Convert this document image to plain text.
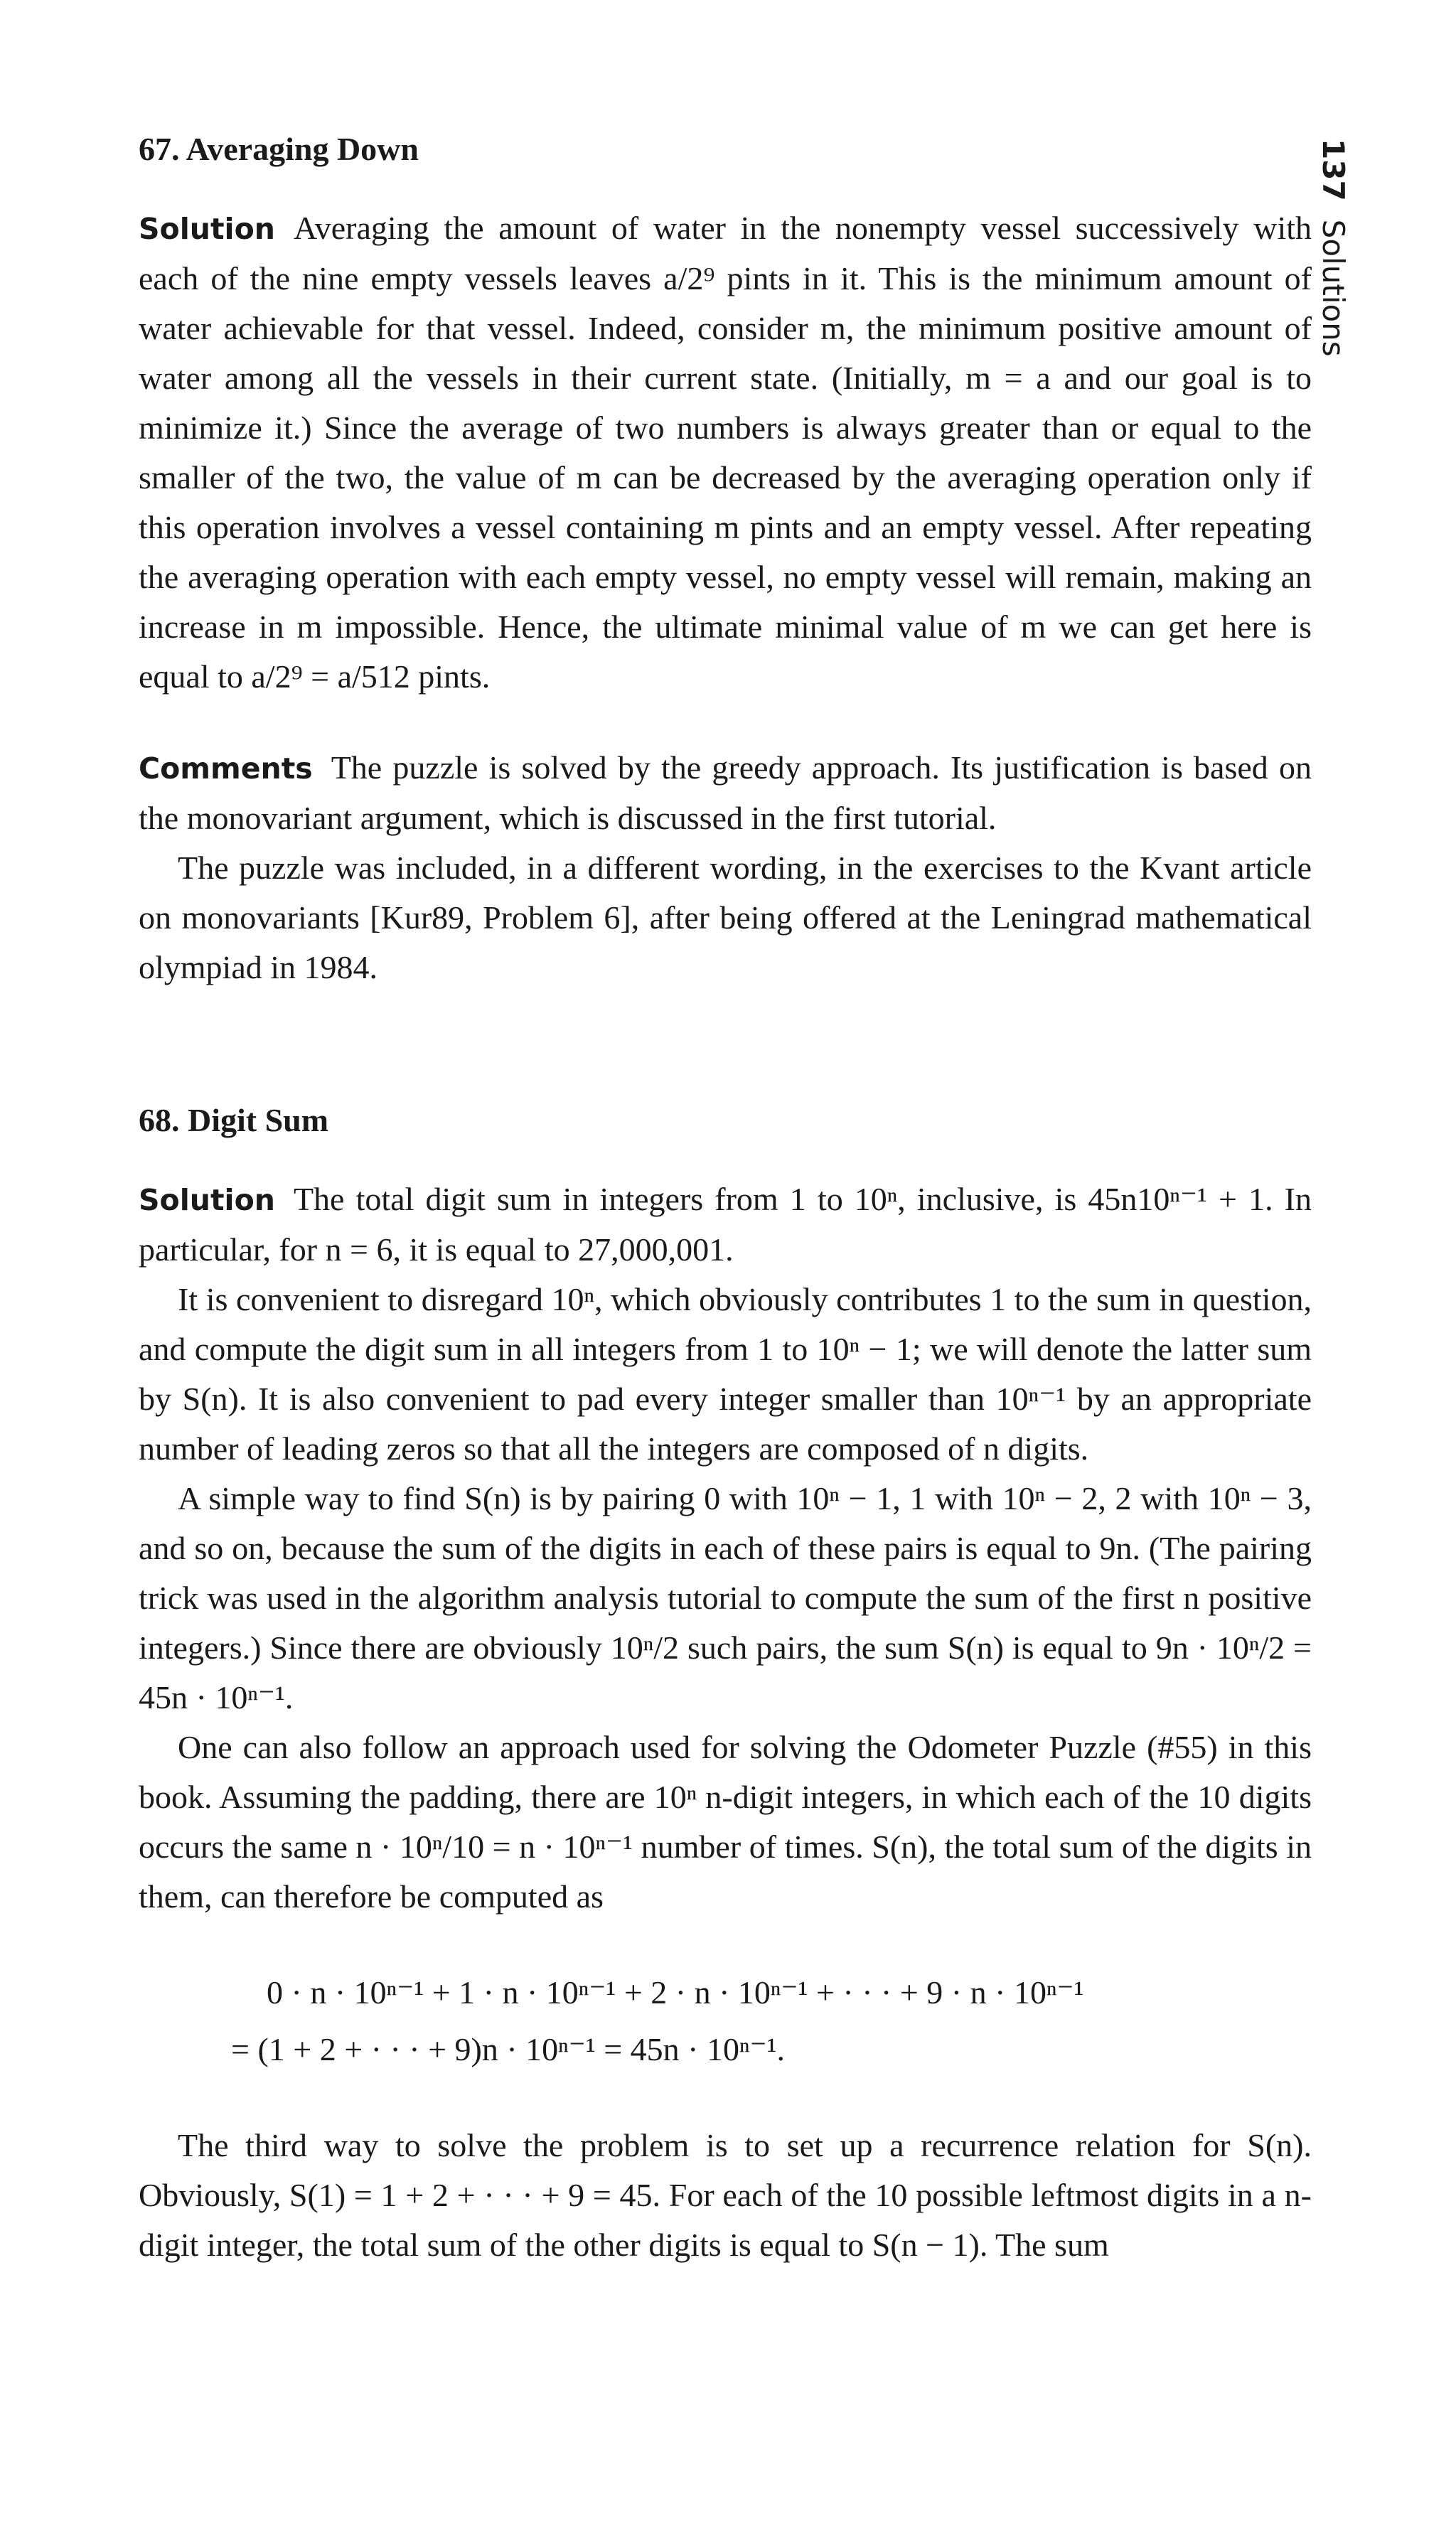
137Solutions
67. Averaging Down

Solution Averaging the amount of water in the nonempty vessel successively with each of the nine empty vessels leaves a/2⁹ pints in it. This is the minimum amount of water achievable for that vessel. Indeed, consider m, the minimum positive amount of water among all the vessels in their current state. (Initially, m = a and our goal is to minimize it.) Since the average of two numbers is always greater than or equal to the smaller of the two, the value of m can be decreased by the averaging operation only if this operation involves a vessel containing m pints and an empty vessel. After repeating the averaging operation with each empty vessel, no empty vessel will remain, making an increase in m impossible. Hence, the ultimate minimal value of m we can get here is equal to a/2⁹ = a/512 pints.

Comments The puzzle is solved by the greedy approach. Its justification is based on the monovariant argument, which is discussed in the first tutorial.

The puzzle was included, in a different wording, in the exercises to the Kvant article on monovariants [Kur89, Problem 6], after being offered at the Leningrad mathematical olympiad in 1984.

68. Digit Sum

Solution The total digit sum in integers from 1 to 10ⁿ, inclusive, is 45n10ⁿ⁻¹ + 1. In particular, for n = 6, it is equal to 27,000,001.

It is convenient to disregard 10ⁿ, which obviously contributes 1 to the sum in question, and compute the digit sum in all integers from 1 to 10ⁿ − 1; we will denote the latter sum by S(n). It is also convenient to pad every integer smaller than 10ⁿ⁻¹ by an appropriate number of leading zeros so that all the integers are composed of n digits.

A simple way to find S(n) is by pairing 0 with 10ⁿ − 1, 1 with 10ⁿ − 2, 2 with 10ⁿ − 3, and so on, because the sum of the digits in each of these pairs is equal to 9n. (The pairing trick was used in the algorithm analysis tutorial to compute the sum of the first n positive integers.) Since there are obviously 10ⁿ/2 such pairs, the sum S(n) is equal to 9n · 10ⁿ/2 = 45n · 10ⁿ⁻¹.

One can also follow an approach used for solving the Odometer Puzzle (#55) in this book. Assuming the padding, there are 10ⁿ n-digit integers, in which each of the 10 digits occurs the same n · 10ⁿ/10 = n · 10ⁿ⁻¹ number of times. S(n), the total sum of the digits in them, can therefore be computed as

0 · n · 10ⁿ⁻¹ + 1 · n · 10ⁿ⁻¹ + 2 · n · 10ⁿ⁻¹ + · · · + 9 · n · 10ⁿ⁻¹
= (1 + 2 + · · · + 9)n · 10ⁿ⁻¹ = 45n · 10ⁿ⁻¹.

The third way to solve the problem is to set up a recurrence relation for S(n). Obviously, S(1) = 1 + 2 + · · · + 9 = 45. For each of the 10 possible leftmost digits in a n-digit integer, the total sum of the other digits is equal to S(n − 1). The sum
